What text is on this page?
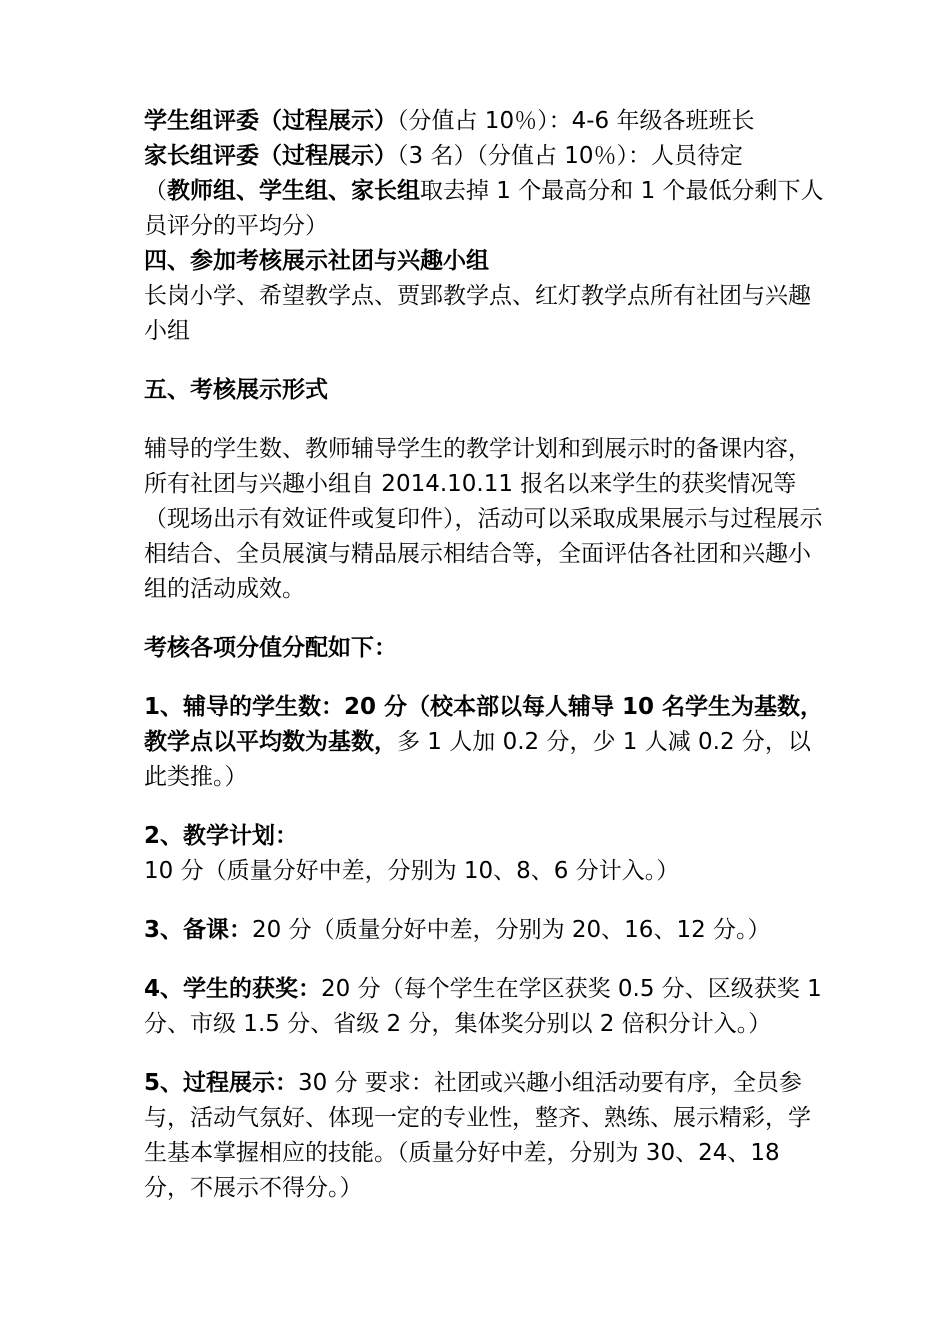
学生组评委（过程展示）（分值占 10％）：4-6 年级各班班长

家长组评委（过程展示）（3 名）（分值占 10％）：人员待定

（教师组、学生组、家长组取去掉 1 个最高分和 1 个最低分剩下人员评分的平均分）

四、参加考核展示社团与兴趣小组

长岗小学、希望教学点、贾郢教学点、红灯教学点所有社团与兴趣小组

五、考核展示形式

辅导的学生数、教师辅导学生的教学计划和到展示时的备课内容，所有社团与兴趣小组自 2014.10.11 报名以来学生的获奖情况等（现场出示有效证件或复印件），活动可以采取成果展示与过程展示相结合、全员展演与精品展示相结合等，全面评估各社团和兴趣小组的活动成效。

考核各项分值分配如下：

1、辅导的学生数：20 分（校本部以每人辅导 10 名学生为基数，教学点以平均数为基数，多 1 人加 0.2 分，少 1 人减 0.2 分，以此类推。）

2、教学计划：10 分（质量分好中差，分别为 10、8、6 分计入。）

3、备课：20 分（质量分好中差，分别为 20、16、12 分。）

4、学生的获奖：20 分（每个学生在学区获奖 0.5 分、区级获奖 1 分、市级 1.5 分、省级 2 分，集体奖分别以 2 倍积分计入。）

5、过程展示：30 分 要求：社团或兴趣小组活动要有序，全员参与，活动气氛好、体现一定的专业性，整齐、熟练、展示精彩，学生基本掌握相应的技能。（质量分好中差，分别为 30、24、18 分，不展示不得分。）
